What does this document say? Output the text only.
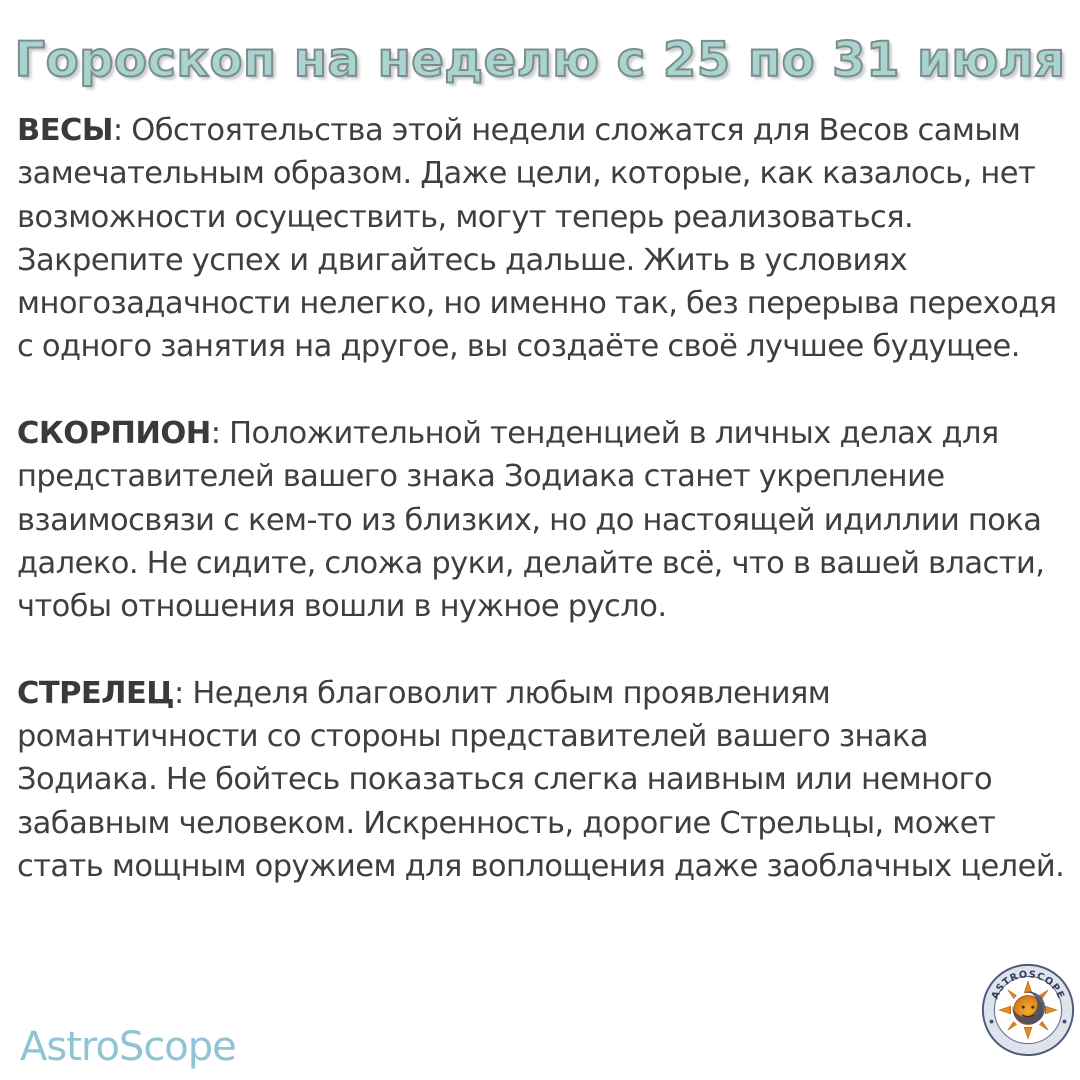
Гороскоп на неделю с 25 по 31 июля

ВЕСЫ: Обстоятельства этой недели сложатся для Весов самым замечательным образом. Даже цели, которые, как казалось, нет возможности осуществить, могут теперь реализоваться. Закрепите успех и двигайтесь дальше. Жить в условиях многозадачности нелегко, но именно так, без перерыва переходя с одного занятия на другое, вы создаёте своё лучшее будущее.

СКОРПИОН: Положительной тенденцией в личных делах для представителей вашего знака Зодиака станет укрепление взаимосвязи с кем-то из близких, но до настоящей идиллии пока далеко. Не сидите, сложа руки, делайте всё, что в вашей власти, чтобы отношения вошли в нужное русло.

СТРЕЛЕЦ: Неделя благоволит любым проявлениям романтичности со стороны представителей вашего знака Зодиака. Не бойтесь показаться слегка наивным или немного забавным человеком. Искренность, дорогие Стрельцы, может стать мощным оружием для воплощения даже заоблачных целей.

AstroScope
ASTROSCOPE
